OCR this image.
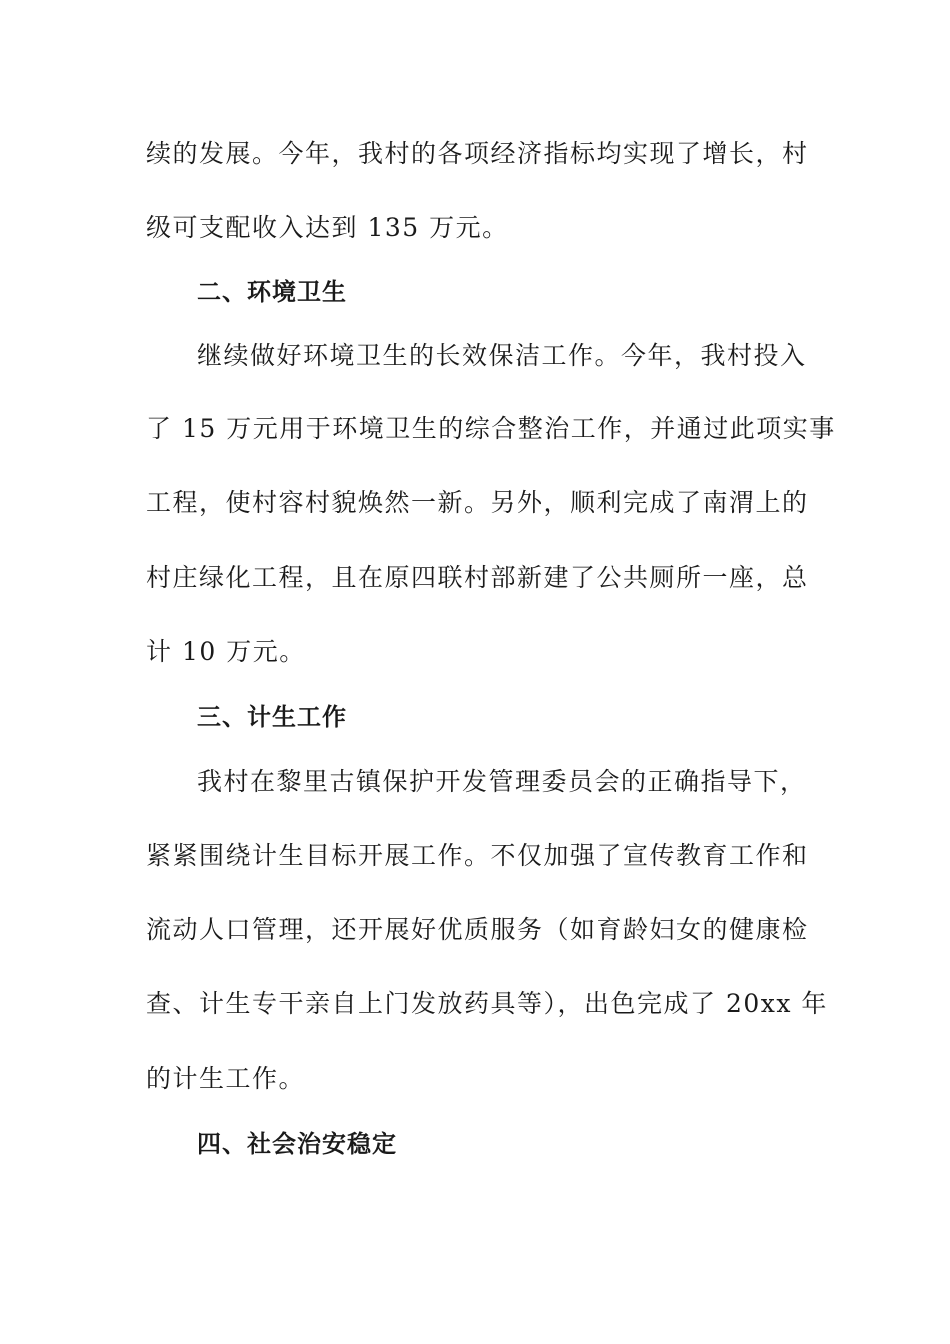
续的发展。今年，我村的各项经济指标均实现了增长，村
级可支配收入达到 135 万元。
二、环境卫生
继续做好环境卫生的长效保洁工作。今年，我村投入
了 15 万元用于环境卫生的综合整治工作，并通过此项实事
工程，使村容村貌焕然一新。另外，顺利完成了南渭上的
村庄绿化工程，且在原四联村部新建了公共厕所一座，总
计 10 万元。
三、计生工作
我村在黎里古镇保护开发管理委员会的正确指导下，
紧紧围绕计生目标开展工作。不仅加强了宣传教育工作和
流动人口管理，还开展好优质服务（如育龄妇女的健康检
查、计生专干亲自上门发放药具等），出色完成了 20xx 年
的计生工作。
四、社会治安稳定
